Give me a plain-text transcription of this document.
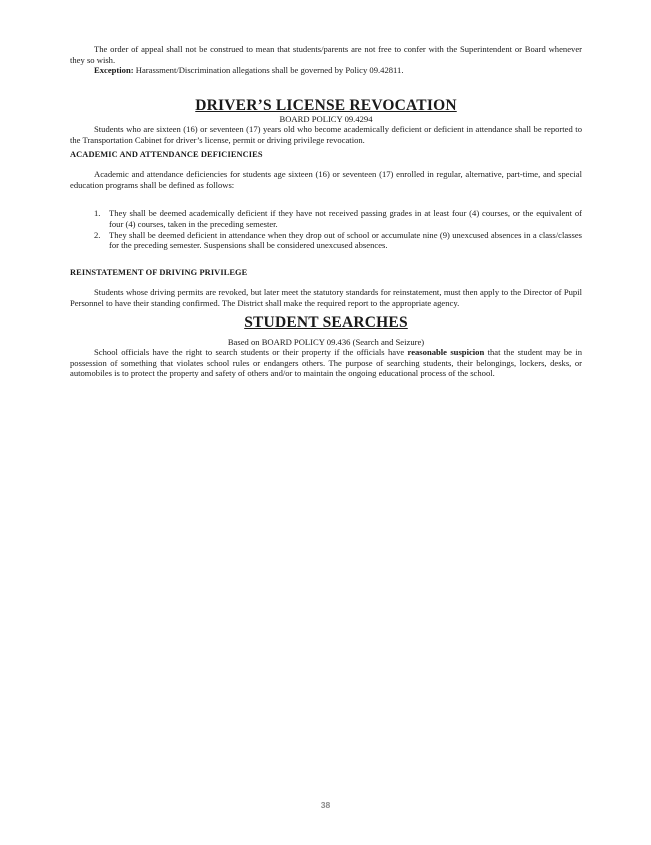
The order of appeal shall not be construed to mean that students/parents are not free to confer with the Superintendent or Board whenever they so wish.

Exception: Harassment/Discrimination allegations shall be governed by Policy 09.42811.

DRIVER’S LICENSE REVOCATION

BOARD POLICY 09.4294

Students who are sixteen (16) or seventeen (17) years old who become academically deficient or deficient in attendance shall be reported to the Transportation Cabinet for driver’s license, permit or driving privilege revocation.

ACADEMIC AND ATTENDANCE DEFICIENCIES

Academic and attendance deficiencies for students age sixteen (16) or seventeen (17) enrolled in regular, alternative, part-time, and special education programs shall be defined as follows:

1. They shall be deemed academically deficient if they have not received passing grades in at least four (4) courses, or the equivalent of four (4) courses, taken in the preceding semester.
2. They shall be deemed deficient in attendance when they drop out of school or accumulate nine (9) unexcused absences in a class/classes for the preceding semester. Suspensions shall be considered unexcused absences.

REINSTATEMENT OF DRIVING PRIVILEGE

Students whose driving permits are revoked, but later meet the statutory standards for reinstatement, must then apply to the Director of Pupil Personnel to have their standing confirmed. The District shall make the required report to the appropriate agency.

STUDENT SEARCHES

Based on BOARD POLICY 09.436 (Search and Seizure)

School officials have the right to search students or their property if the officials have reasonable suspicion that the student may be in possession of something that violates school rules or endangers others. The purpose of searching students, their belongings, lockers, desks, or automobiles is to protect the property and safety of others and/or to maintain the ongoing educational process of the school.

38
